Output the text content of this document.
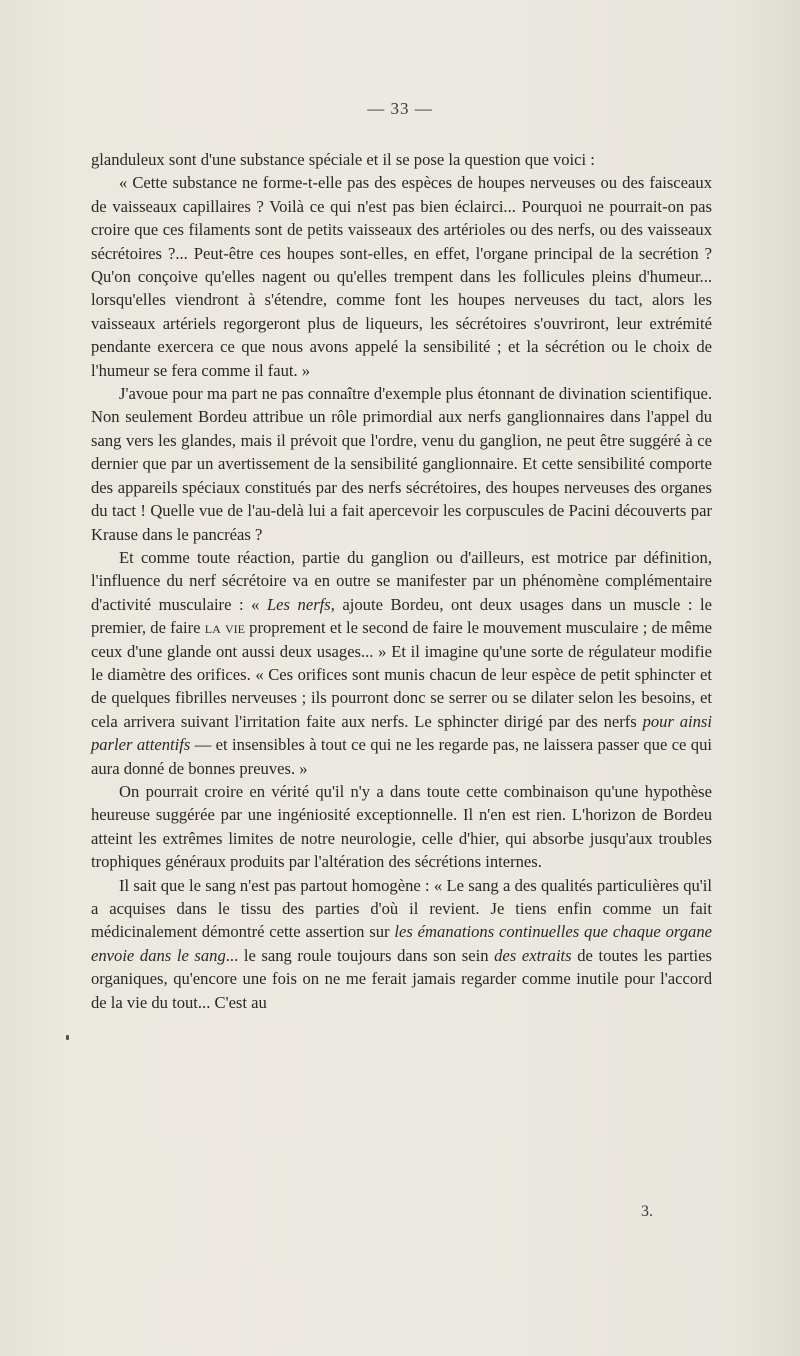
— 33 —

glanduleux sont d'une substance spéciale et il se pose la question que voici :

« Cette substance ne forme-t-elle pas des espèces de houpes nerveuses ou des faisceaux de vaisseaux capillaires ? Voilà ce qui n'est pas bien éclairci... Pourquoi ne pourrait-on pas croire que ces filaments sont de petits vaisseaux des artérioles ou des nerfs, ou des vaisseaux sécrétoires ?... Peut-être ces houpes sont-elles, en effet, l'organe principal de la secrétion ? Qu'on conçoive qu'elles nagent ou qu'elles trempent dans les follicules pleins d'humeur... lorsqu'elles viendront à s'étendre, comme font les houpes nerveuses du tact, alors les vaisseaux artériels regorgeront plus de liqueurs, les sécrétoires s'ouvriront, leur extrémité pendante exercera ce que nous avons appelé la sensibilité ; et la sécrétion ou le choix de l'humeur se fera comme il faut. »

J'avoue pour ma part ne pas connaître d'exemple plus étonnant de divination scientifique. Non seulement Bordeu attribue un rôle primordial aux nerfs ganglionnaires dans l'appel du sang vers les glandes, mais il prévoit que l'ordre, venu du ganglion, ne peut être suggéré à ce dernier que par un avertissement de la sensibilité ganglionnaire. Et cette sensibilité comporte des appareils spéciaux constitués par des nerfs sécrétoires, des houpes nerveuses des organes du tact ! Quelle vue de l'au-delà lui a fait apercevoir les corpuscules de Pacini découverts par Krause dans le pancréas ?

Et comme toute réaction, partie du ganglion ou d'ailleurs, est motrice par définition, l'influence du nerf sécrétoire va en outre se manifester par un phénomène complémentaire d'activité musculaire : « Les nerfs, ajoute Bordeu, ont deux usages dans un muscle : le premier, de faire la vie proprement et le second de faire le mouvement musculaire ; de même ceux d'une glande ont aussi deux usages... » Et il imagine qu'une sorte de régulateur modifie le diamètre des orifices. « Ces orifices sont munis chacun de leur espèce de petit sphincter et de quelques fibrilles nerveuses ; ils pourront donc se serrer ou se dilater selon les besoins, et cela arrivera suivant l'irritation faite aux nerfs. Le sphincter dirigé par des nerfs pour ainsi parler attentifs — et insensibles à tout ce qui ne les regarde pas, ne laissera passer que ce qui aura donné de bonnes preuves. »

On pourrait croire en vérité qu'il n'y a dans toute cette combinaison qu'une hypothèse heureuse suggérée par une ingéniosité exceptionnelle. Il n'en est rien. L'horizon de Bordeu atteint les extrêmes limites de notre neurologie, celle d'hier, qui absorbe jusqu'aux troubles trophiques généraux produits par l'altération des sécrétions internes.

Il sait que le sang n'est pas partout homogène : « Le sang a des qualités particulières qu'il a acquises dans le tissu des parties d'où il revient. Je tiens enfin comme un fait médicinalement démontré cette assertion sur les émanations continuelles que chaque organe envoie dans le sang... le sang roule toujours dans son sein des extraits de toutes les parties organiques, qu'encore une fois on ne me ferait jamais regarder comme inutile pour l'accord de la vie du tout... C'est au

3.
